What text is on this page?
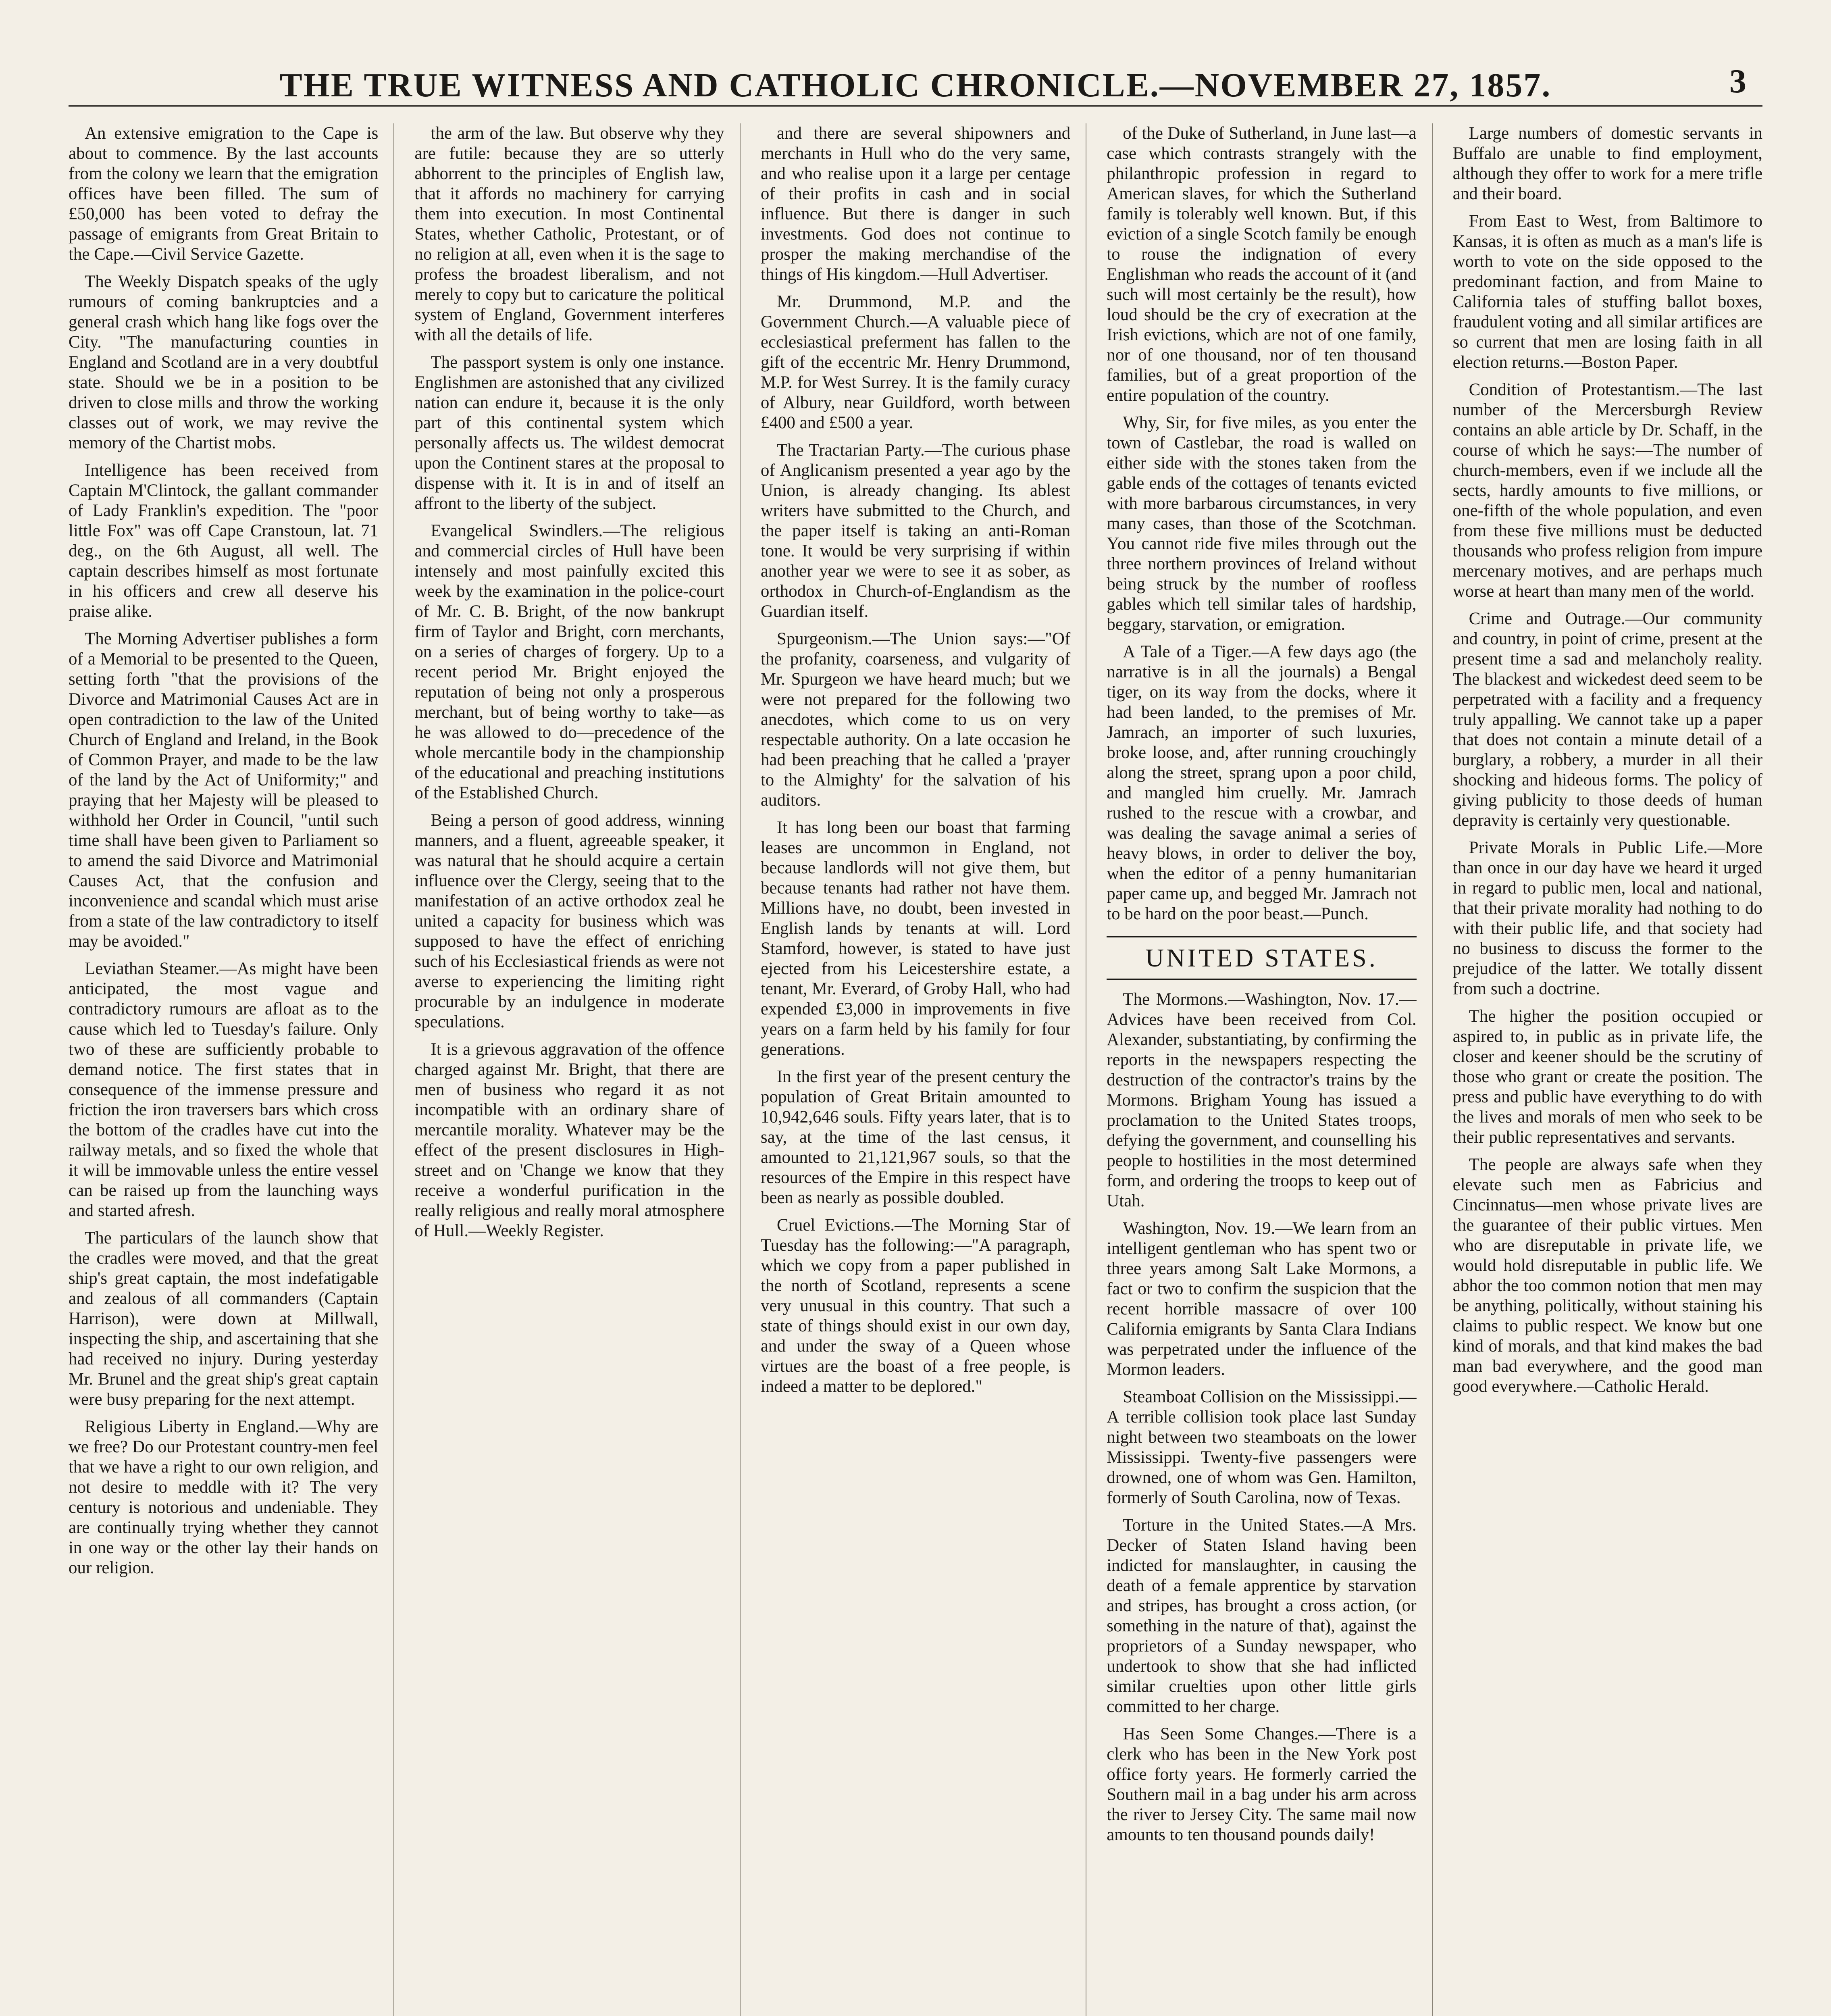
THE TRUE WITNESS AND CATHOLIC CHRONICLE.—NOVEMBER 27, 1857.	3

An extensive emigration to the Cape is about to commence. By the last accounts from the colony we learn that the emigration offices have been filled. The sum of £50,000 has been voted to defray the passage of emigrants from Great Britain to the Cape.—Civil Service Gazette.

The Weekly Dispatch speaks of the ugly rumours of coming bankruptcies and a general crash which hang like fogs over the City. "The manufacturing counties in England and Scotland are in a very doubtful state. Should we be in a position to be driven to close mills and throw the working classes out of work, we may revive the memory of the Chartist mobs.

Intelligence has been received from Captain M'Clintock, the gallant commander of Lady Franklin's expedition. The "poor little Fox" was off Cape Cranstoun, lat. 71 deg., on the 6th August, all well. The captain describes himself as most fortunate in his officers and crew all deserve his praise alike.

The Morning Advertiser publishes a form of a Memorial to be presented to the Queen, setting forth "that the provisions of the Divorce and Matrimonial Causes Act are in open contradiction to the law of the United Church of England and Ireland, in the Book of Common Prayer, and made to be the law of the land by the Act of Uniformity;" and praying that her Majesty will be pleased to withhold her Order in Council, "until such time shall have been given to Parliament so to amend the said Divorce and Matrimonial Causes Act, that the confusion and inconvenience and scandal which must arise from a state of the law contradictory to itself may be avoided."

Leviathan Steamer.—As might have been anticipated, the most vague and contradictory rumours are afloat as to the cause which led to Tuesday's failure. Only two of these are sufficiently probable to demand notice. The first states that in consequence of the immense pressure and friction the iron traversers bars which cross the bottom of the cradles have cut into the railway metals, and so fixed the whole that it will be immovable unless the entire vessel can be raised up from the launching ways and started afresh.

The particulars of the launch show that the cradles were moved, and that the great ship's great captain, the most indefatigable and zealous of all commanders (Captain Harrison), were down at Millwall, inspecting the ship, and ascertaining that she had received no injury. During yesterday Mr. Brunel and the great ship's great captain were busy preparing for the next attempt.

Religious Liberty in England.—Why are we free? Do our Protestant country-men feel that we have a right to our own religion, and not desire to meddle with it? The very century is notorious and undeniable. They are continually trying whether they cannot in one way or the other lay their hands on our religion.

the arm of the law. But observe why they are futile: because they are so utterly abhorrent to the principles of English law, that it affords no machinery for carrying them into execution. In most Continental States, whether Catholic, Protestant, or of no religion at all, even when it is the sage to profess the broadest liberalism, and not merely to copy but to caricature the political system of England, Government interferes with all the details of life.

The passport system is only one instance. Englishmen are astonished that any civilized nation can endure it, because it is the only part of this continental system which personally affects us. The wildest democrat upon the Continent stares at the proposal to dispense with it. It is in and of itself an affront to the liberty of the subject.

Evangelical Swindlers.—The religious and commercial circles of Hull have been intensely and most painfully excited this week by the examination in the police-court of Mr. C. B. Bright, of the now bankrupt firm of Taylor and Bright, corn merchants, on a series of charges of forgery. Up to a recent period Mr. Bright enjoyed the reputation of being not only a prosperous merchant, but of being worthy to take—as he was allowed to do—precedence of the whole mercantile body in the championship of the educational and preaching institutions of the Established Church.

Being a person of good address, winning manners, and a fluent, agreeable speaker, it was natural that he should acquire a certain influence over the Clergy, seeing that to the manifestation of an active orthodox zeal he united a capacity for business which was supposed to have the effect of enriching such of his Ecclesiastical friends as were not averse to experiencing the limiting right procurable by an indulgence in moderate speculations.

It is a grievous aggravation of the offence charged against Mr. Bright, that there are men of business who regard it as not incompatible with an ordinary share of mercantile morality. Whatever may be the effect of the present disclosures in High-street and on 'Change we know that they receive a wonderful purification in the really religious and really moral atmosphere of Hull.—Weekly Register.

and there are several shipowners and merchants in Hull who do the very same, and who realise upon it a large per centage of their profits in cash and in social influence. But there is danger in such investments. God does not continue to prosper the making merchandise of the things of His kingdom.—Hull Advertiser.

Mr. Drummond, M.P. and the Government Church.—A valuable piece of ecclesiastical preferment has fallen to the gift of the eccentric Mr. Henry Drummond, M.P. for West Surrey. It is the family curacy of Albury, near Guildford, worth between £400 and £500 a year.

The Tractarian Party.—The curious phase of Anglicanism presented a year ago by the Union, is already changing. Its ablest writers have submitted to the Church, and the paper itself is taking an anti-Roman tone. It would be very surprising if within another year we were to see it as sober, as orthodox in Church-of-Englandism as the Guardian itself.

Spurgeonism.—The Union says:—"Of the profanity, coarseness, and vulgarity of Mr. Spurgeon we have heard much; but we were not prepared for the following two anecdotes, which come to us on very respectable authority. On a late occasion he had been preaching that he called a 'prayer to the Almighty' for the salvation of his auditors.

It has long been our boast that farming leases are uncommon in England, not because landlords will not give them, but because tenants had rather not have them. Millions have, no doubt, been invested in English lands by tenants at will. Lord Stamford, however, is stated to have just ejected from his Leicestershire estate, a tenant, Mr. Everard, of Groby Hall, who had expended £3,000 in improvements in five years on a farm held by his family for four generations.

In the first year of the present century the population of Great Britain amounted to 10,942,646 souls. Fifty years later, that is to say, at the time of the last census, it amounted to 21,121,967 souls, so that the resources of the Empire in this respect have been as nearly as possible doubled.

Cruel Evictions.—The Morning Star of Tuesday has the following:—"A paragraph, which we copy from a paper published in the north of Scotland, represents a scene very unusual in this country. That such a state of things should exist in our own day, and under the sway of a Queen whose virtues are the boast of a free people, is indeed a matter to be deplored."

of the Duke of Sutherland, in June last—a case which contrasts strangely with the philanthropic profession in regard to American slaves, for which the Sutherland family is tolerably well known. But, if this eviction of a single Scotch family be enough to rouse the indignation of every Englishman who reads the account of it (and such will most certainly be the result), how loud should be the cry of execration at the Irish evictions, which are not of one family, nor of one thousand, nor of ten thousand families, but of a great proportion of the entire population of the country.

Why, Sir, for five miles, as you enter the town of Castlebar, the road is walled on either side with the stones taken from the gable ends of the cottages of tenants evicted with more barbarous circumstances, in very many cases, than those of the Scotchman. You cannot ride five miles through out the three northern provinces of Ireland without being struck by the number of roofless gables which tell similar tales of hardship, beggary, starvation, or emigration.

A Tale of a Tiger.—A few days ago (the narrative is in all the journals) a Bengal tiger, on its way from the docks, where it had been landed, to the premises of Mr. Jamrach, an importer of such luxuries, broke loose, and, after running crouchingly along the street, sprang upon a poor child, and mangled him cruelly. Mr. Jamrach rushed to the rescue with a crowbar, and was dealing the savage animal a series of heavy blows, in order to deliver the boy, when the editor of a penny humanitarian paper came up, and begged Mr. Jamrach not to be hard on the poor beast.—Punch.

UNITED STATES.

The Mormons.—Washington, Nov. 17.—Advices have been received from Col. Alexander, substantiating, by confirming the reports in the newspapers respecting the destruction of the contractor's trains by the Mormons. Brigham Young has issued a proclamation to the United States troops, defying the government, and counselling his people to hostilities in the most determined form, and ordering the troops to keep out of Utah.

Washington, Nov. 19.—We learn from an intelligent gentleman who has spent two or three years among Salt Lake Mormons, a fact or two to confirm the suspicion that the recent horrible massacre of over 100 California emigrants by Santa Clara Indians was perpetrated under the influence of the Mormon leaders.

Steamboat Collision on the Mississippi.—A terrible collision took place last Sunday night between two steamboats on the lower Mississippi. Twenty-five passengers were drowned, one of whom was Gen. Hamilton, formerly of South Carolina, now of Texas.

Torture in the United States.—A Mrs. Decker of Staten Island having been indicted for manslaughter, in causing the death of a female apprentice by starvation and stripes, has brought a cross action, (or something in the nature of that), against the proprietors of a Sunday newspaper, who undertook to show that she had inflicted similar cruelties upon other little girls committed to her charge.

Has Seen Some Changes.—There is a clerk who has been in the New York post office forty years. He formerly carried the Southern mail in a bag under his arm across the river to Jersey City. The same mail now amounts to ten thousand pounds daily!

Large numbers of domestic servants in Buffalo are unable to find employment, although they offer to work for a mere trifle and their board.

From East to West, from Baltimore to Kansas, it is often as much as a man's life is worth to vote on the side opposed to the predominant faction, and from Maine to California tales of stuffing ballot boxes, fraudulent voting and all similar artifices are so current that men are losing faith in all election returns.—Boston Paper.

Condition of Protestantism.—The last number of the Mercersburgh Review contains an able article by Dr. Schaff, in the course of which he says:—The number of church-members, even if we include all the sects, hardly amounts to five millions, or one-fifth of the whole population, and even from these five millions must be deducted thousands who profess religion from impure mercenary motives, and are perhaps much worse at heart than many men of the world.

Crime and Outrage.—Our community and country, in point of crime, present at the present time a sad and melancholy reality. The blackest and wickedest deed seem to be perpetrated with a facility and a frequency truly appalling. We cannot take up a paper that does not contain a minute detail of a burglary, a robbery, a murder in all their shocking and hideous forms. The policy of giving publicity to those deeds of human depravity is certainly very questionable.

Private Morals in Public Life.—More than once in our day have we heard it urged in regard to public men, local and national, that their private morality had nothing to do with their public life, and that society had no business to discuss the former to the prejudice of the latter. We totally dissent from such a doctrine.

The higher the position occupied or aspired to, in public as in private life, the closer and keener should be the scrutiny of those who grant or create the position. The press and public have everything to do with the lives and morals of men who seek to be their public representatives and servants.

The people are always safe when they elevate such men as Fabricius and Cincinnatus—men whose private lives are the guarantee of their public virtues. Men who are disreputable in private life, we would hold disreputable in public life. We abhor the too common notion that men may be anything, politically, without staining his claims to public respect. We know but one kind of morals, and that kind makes the bad man bad everywhere, and the good man good everywhere.—Catholic Herald.
